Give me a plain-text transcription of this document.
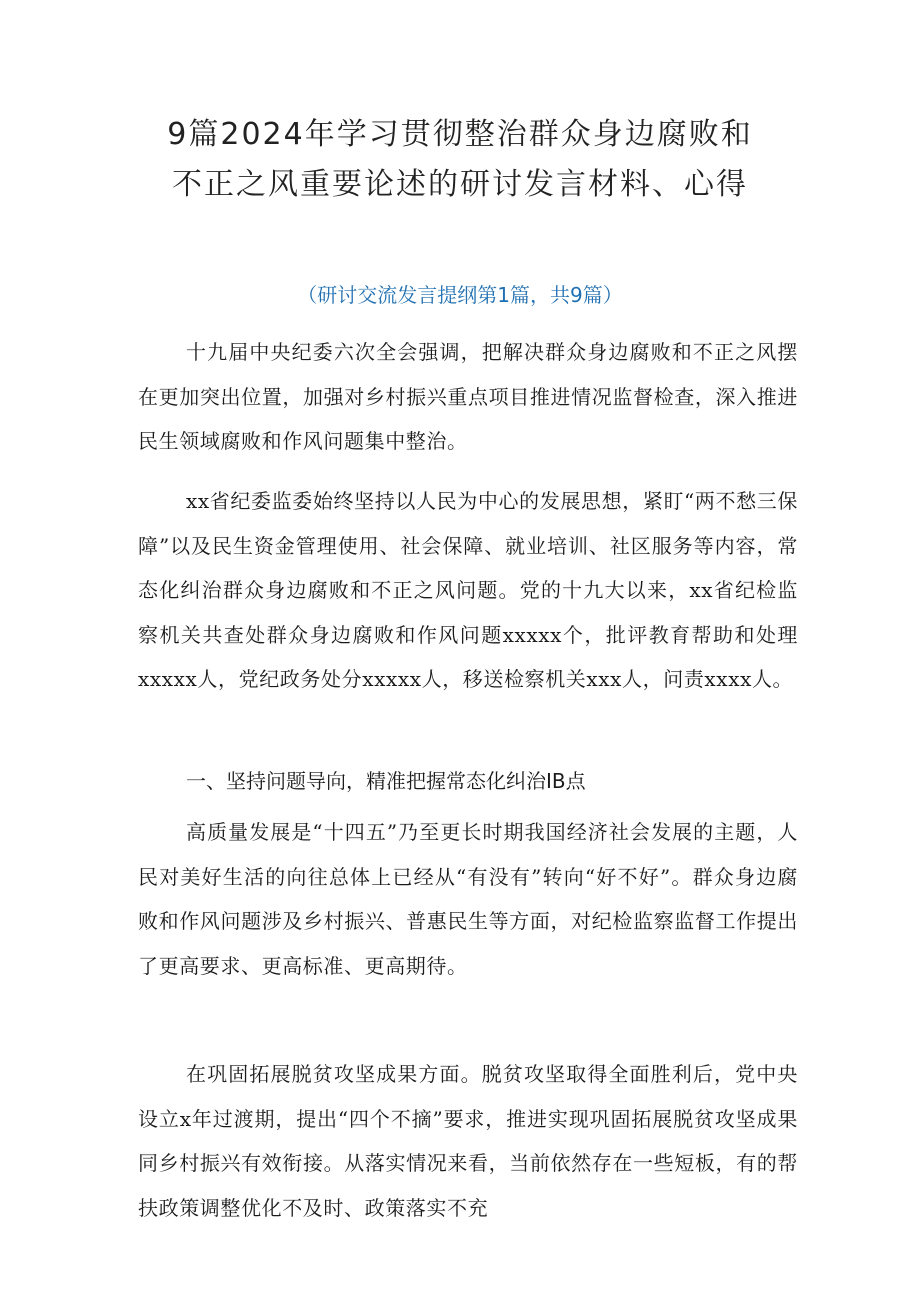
9篇2024年学习贯彻整治群众身边腐败和
不正之风重要论述的研讨发言材料、心得
（研讨交流发言提纲第1篇，共9篇）

十九届中央纪委六次全会强调，把解决群众身边腐败和不正之风摆在更加突出位置，加强对乡村振兴重点项目推进情况监督检查，深入推进民生领域腐败和作风问题集中整治。

xx省纪委监委始终坚持以人民为中心的发展思想，紧盯“两不愁三保障”以及民生资金管理使用、社会保障、就业培训、社区服务等内容，常态化纠治群众身边腐败和不正之风问题。党的十九大以来，xx省纪检监察机关共查处群众身边腐败和作风问题xxxxx个，批评教育帮助和处理xxxxx人，党纪政务处分xxxxx人，移送检察机关xxx人，问责xxxx人。

一、坚持问题导向，精准把握常态化纠治IB点

高质量发展是“十四五”乃至更长时期我国经济社会发展的主题，人民对美好生活的向往总体上已经从“有没有”转向“好不好”。群众身边腐败和作风问题涉及乡村振兴、普惠民生等方面，对纪检监察监督工作提出了更高要求、更高标准、更高期待。

在巩固拓展脱贫攻坚成果方面。脱贫攻坚取得全面胜利后，党中央设立x年过渡期，提出“四个不摘”要求，推进实现巩固拓展脱贫攻坚成果同乡村振兴有效衔接。从落实情况来看，当前依然存在一些短板，有的帮扶政策调整优化不及时、政策落实不充
